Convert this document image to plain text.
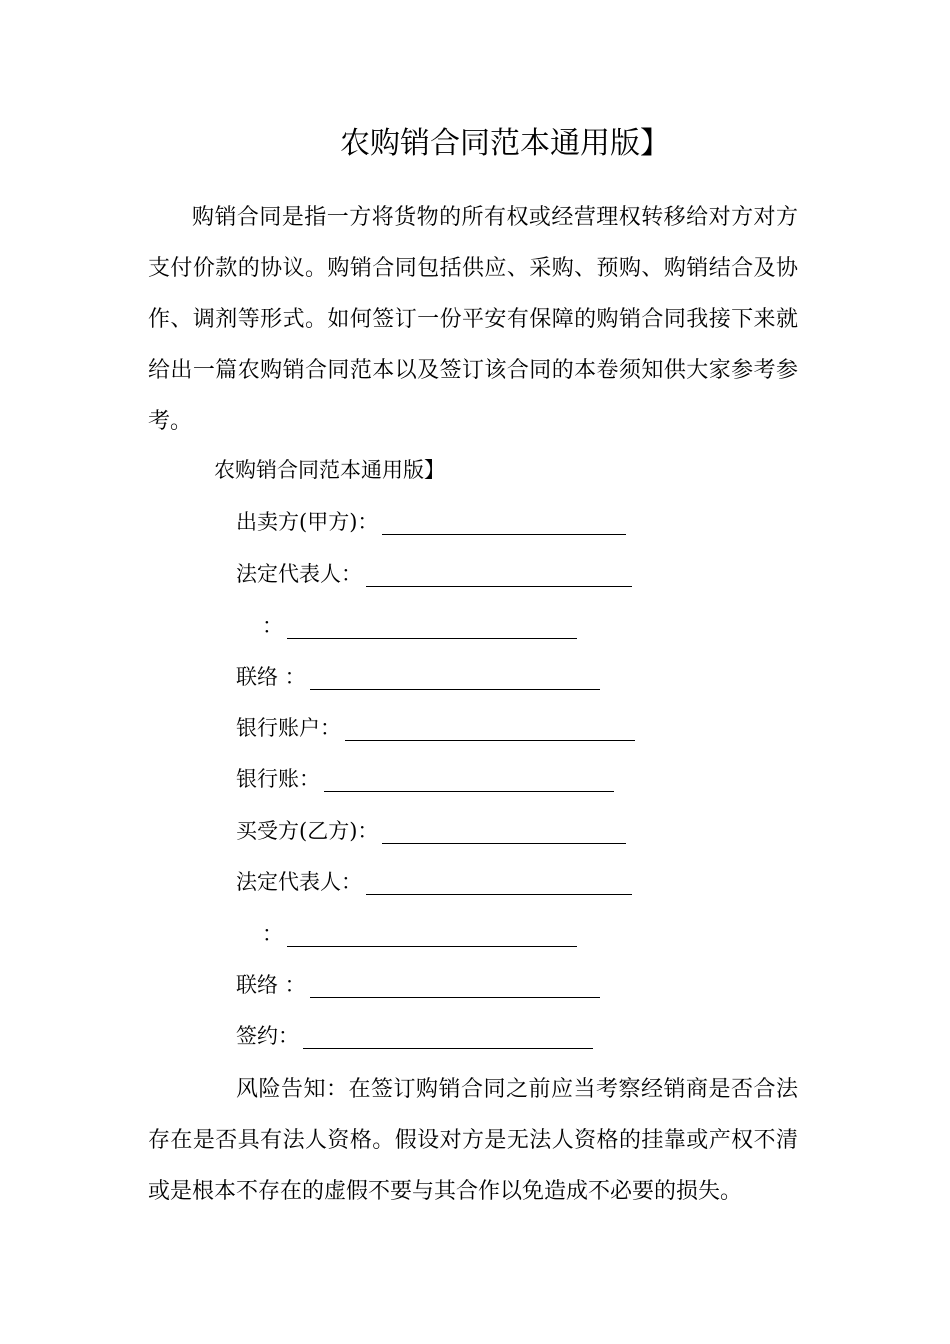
农购销合同范本通用版】
购销合同是指一方将货物的所有权或经营理权转移给对方对方
支付价款的协议。购销合同包括供应、采购、预购、购销结合及协
作、调剂等形式。如何签订一份平安有保障的购销合同我接下来就
给出一篇农购销合同范本以及签订该合同的本卷须知供大家参考参
考。
农购销合同范本通用版】
出卖方(甲方)：
法定代表人：
：
联络 ：
银行账户：
银行账：
买受方(乙方)：
法定代表人：
：
联络 ：
签约：
风险告知：在签订购销合同之前应当考察经销商是否合法
存在是否具有法人资格。假设对方是无法人资格的挂靠或产权不清
或是根本不存在的虚假不要与其合作以免造成不必要的损失。
